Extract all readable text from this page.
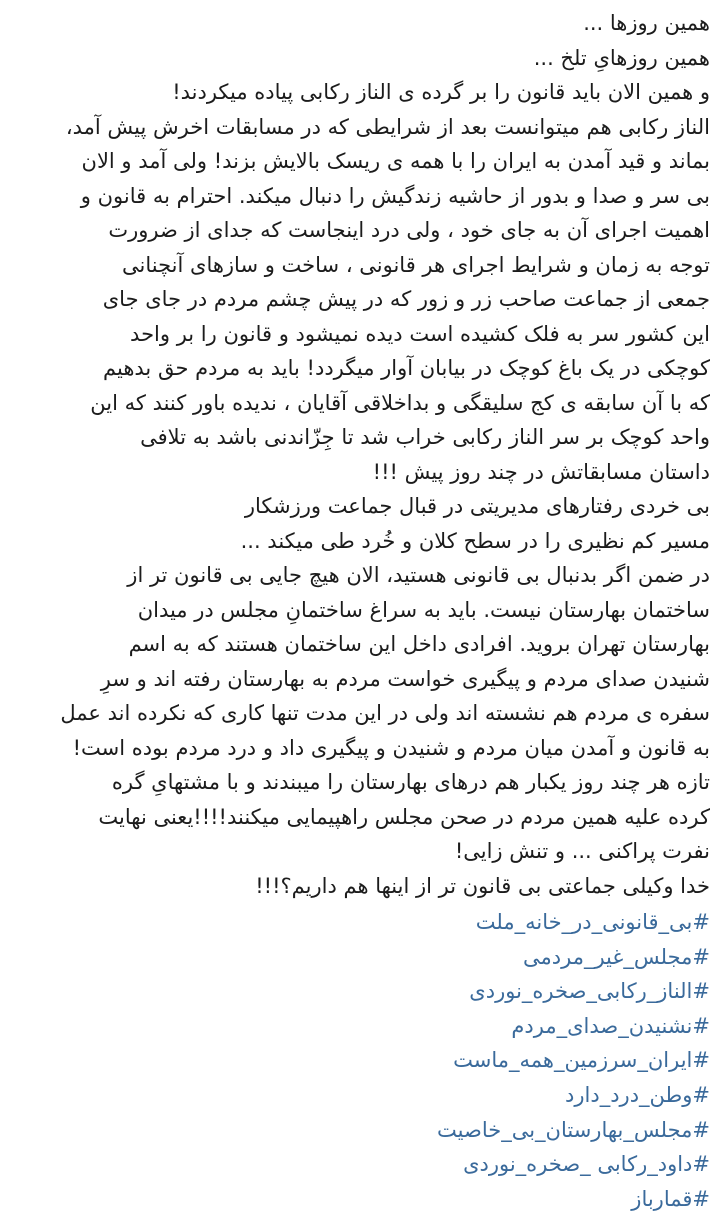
همین روزها ...
همین روزهایِ تلخ ...
و همین الان باید قانون را بر گرده ی الناز رکابی پیاده میکردند!
الناز رکابی هم میتوانست بعد از شرایطی که در مسابقات اخرش پیش آمد،
بماند و قید آمدن به ایران را با همه ی ریسک بالایش بزند! ولی آمد و الان
بی سر و صدا و بدور از حاشیه زندگیش را دنبال میکند. احترام به قانون و
اهمیت اجرای آن به جای خود ، ولی درد اینجاست که جدای از ضرورت
توجه به زمان و شرایط اجرای هر قانونی ، ساخت و سازهای آنچنانی
جمعی از جماعت صاحب زر و زور که در پیش چشم مردم در جای جای
این کشور سر به فلک کشیده است دیده نمیشود و قانون را بر واحد
کوچکی در یک باغ کوچک در بیابان آوار میگردد! باید به مردم حق بدهیم
که با آن سابقه ی کج سلیقگی و بداخلاقی آقایان ، ندیده باور کنند که این
واحد کوچک بر سر الناز رکابی خراب شد تا جِزّاندنی باشد به تلافی
داستان مسابقاتش در چند روز پیش !!!
بی خردی رفتارهای مدیریتی در قبال جماعت ورزشکار
مسیر کم نظیری را در سطح کلان و خُرد طی میکند ...
در ضمن اگر بدنبال بی قانونی هستید، الان هیچ جایی بی قانون تر از
ساختمان بهارستان نیست. باید به سراغ ساختمانِ مجلس در میدان
بهارستان تهران بروید. افرادی داخل این ساختمان هستند که به اسم
شنیدن صدای مردم و پیگیری خواست مردم به بهارستان رفته اند و سرِ
سفره ی مردم هم نشسته اند ولی در این مدت تنها کاری که نکرده اند عمل
به قانون و آمدن میان مردم و شنیدن و پیگیری داد و درد مردم بوده است!
تازه هر چند روز یکبار هم درهای بهارستان را میبندند و با مشتهایِ گره
کرده علیه همین مردم در صحن مجلس راهپیمایی میکنند!!!!یعنی نهایت
نفرت پراکنی ... و تنش زایی!
خدا وکیلی جماعتی بی قانون تر از اینها هم داریم؟!!!
#بی_قانونی_در_خانه_ملت
#مجلس_غیر_مردمی
#الناز_رکابی_صخره_نوردی
#نشنیدن_صدای_مردم
#ایران_سرزمین_همه_ماست
#وطن_درد_دارد
#مجلس_بهارستان_بی_خاصیت
#داود_رکابی _صخره_نوردی
#قمارباز
